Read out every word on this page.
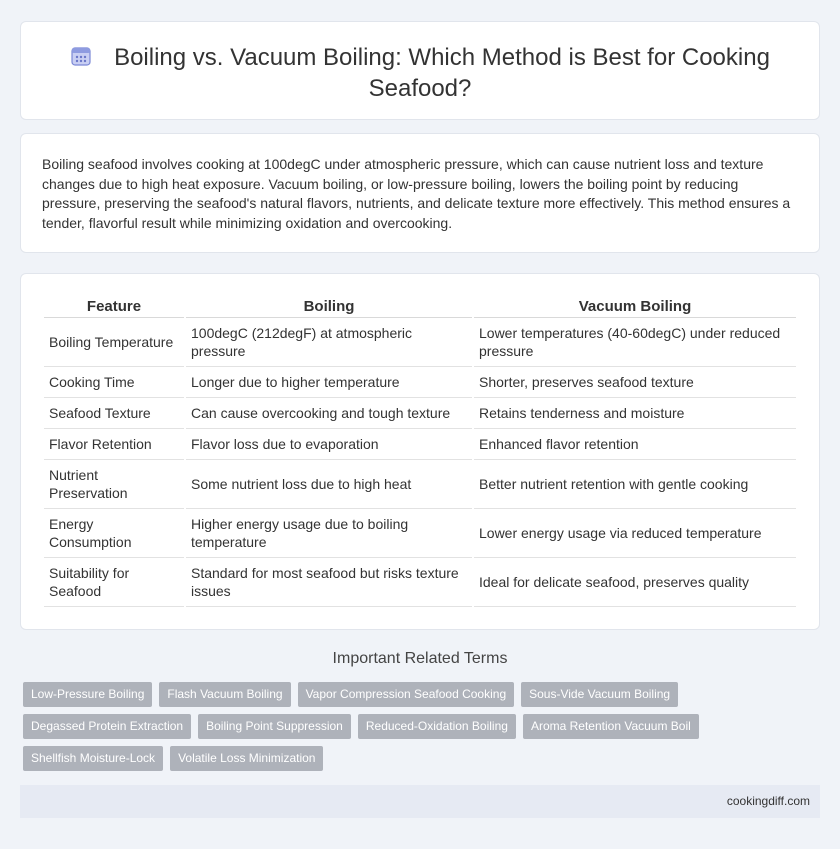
Boiling vs. Vacuum Boiling: Which Method is Best for Cooking Seafood?

Boiling seafood involves cooking at 100degC under atmospheric pressure, which can cause nutrient loss and texture changes due to high heat exposure. Vacuum boiling, or low-pressure boiling, lowers the boiling point by reducing pressure, preserving the seafood's natural flavors, nutrients, and delicate texture more effectively. This method ensures a tender, flavorful result while minimizing oxidation and overcooking.

Feature	Boiling	Vacuum Boiling
Boiling Temperature	100degC (212degF) at atmospheric pressure	Lower temperatures (40-60degC) under reduced pressure
Cooking Time	Longer due to higher temperature	Shorter, preserves seafood texture
Seafood Texture	Can cause overcooking and tough texture	Retains tenderness and moisture
Flavor Retention	Flavor loss due to evaporation	Enhanced flavor retention
Nutrient Preservation	Some nutrient loss due to high heat	Better nutrient retention with gentle cooking
Energy Consumption	Higher energy usage due to boiling temperature	Lower energy usage via reduced temperature
Suitability for Seafood	Standard for most seafood but risks texture issues	Ideal for delicate seafood, preserves quality
Important Related Terms
Low-Pressure Boiling	Flash Vacuum Boiling	Vapor Compression Seafood Cooking	Sous-Vide Vacuum Boiling
Degassed Protein Extraction	Boiling Point Suppression	Reduced-Oxidation Boiling	Aroma Retention Vacuum Boil
Shellfish Moisture-Lock	Volatile Loss Minimization
cookingdiff.com
